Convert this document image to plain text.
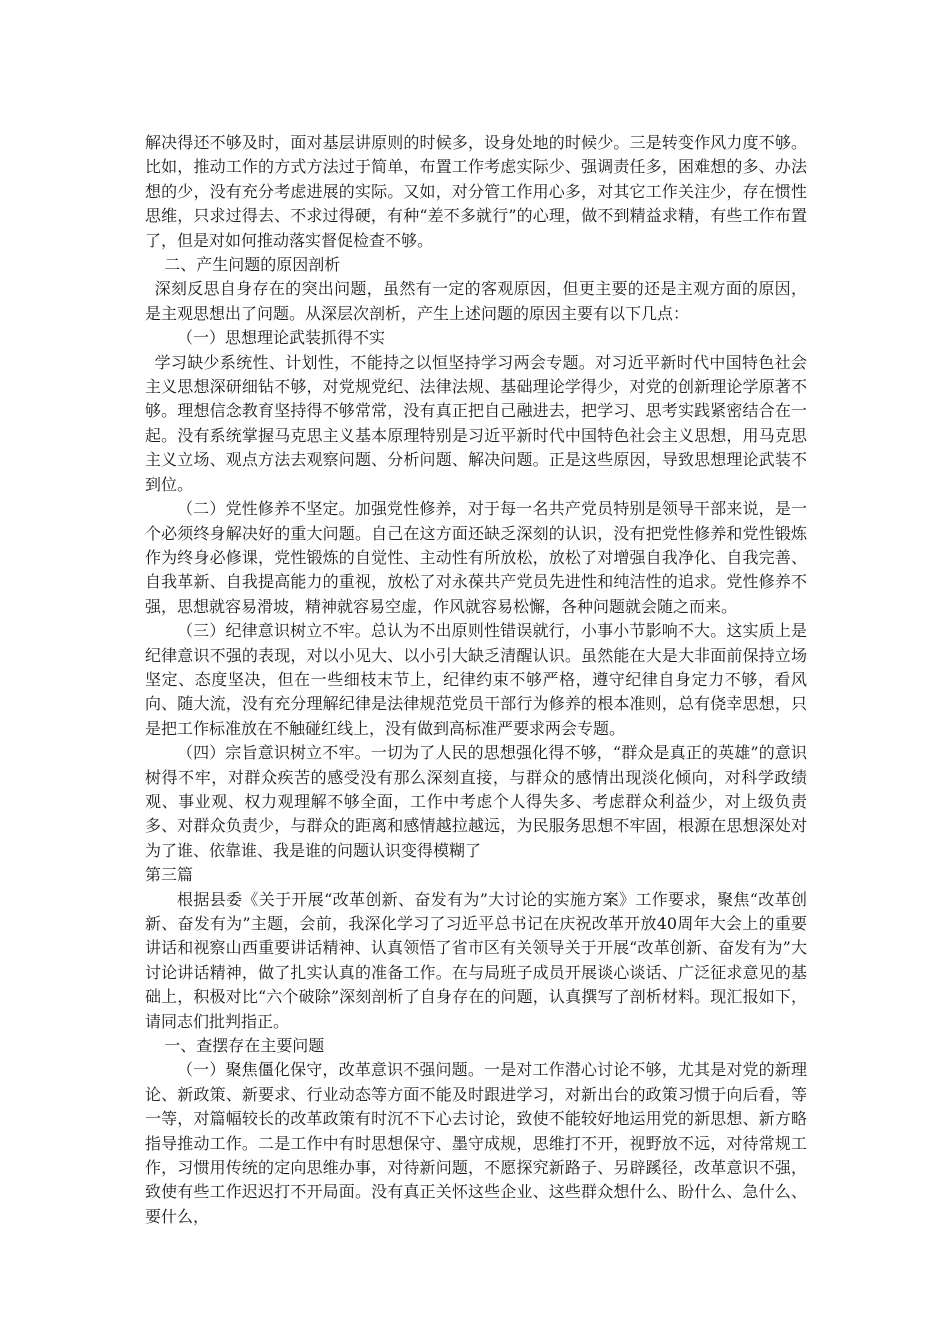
解决得还不够及时，面对基层讲原则的时候多，设身处地的时候少。三是转变作风力度不够。比如，推动工作的方式方法过于简单，布置工作考虑实际少、强调责任多，困难想的多、办法想的少，没有充分考虑进展的实际。又如，对分管工作用心多，对其它工作关注少，存在惯性思维，只求过得去、不求过得硬，有种“差不多就行”的心理，做不到精益求精，有些工作布置了，但是对如何推动落实督促检查不够。

二、产生问题的原因剖析

深刻反思自身存在的突出问题，虽然有一定的客观原因，但更主要的还是主观方面的原因，是主观思想出了问题。从深层次剖析，产生上述问题的原因主要有以下几点：

（一）思想理论武装抓得不实

学习缺少系统性、计划性，不能持之以恒坚持学习两会专题。对习近平新时代中国特色社会主义思想深研细钻不够，对党规党纪、法律法规、基础理论学得少，对党的创新理论学原著不够。理想信念教育坚持得不够常常，没有真正把自己融进去，把学习、思考实践紧密结合在一起。没有系统掌握马克思主义基本原理特别是习近平新时代中国特色社会主义思想，用马克思主义立场、观点方法去观察问题、分析问题、解决问题。正是这些原因，导致思想理论武装不到位。

（二）党性修养不坚定。加强党性修养，对于每一名共产党员特别是领导干部来说，是一个必须终身解决好的重大问题。自己在这方面还缺乏深刻的认识，没有把党性修养和党性锻炼作为终身必修课，党性锻炼的自觉性、主动性有所放松，放松了对增强自我净化、自我完善、自我革新、自我提高能力的重视，放松了对永葆共产党员先进性和纯洁性的追求。党性修养不强，思想就容易滑坡，精神就容易空虚，作风就容易松懈，各种问题就会随之而来。

（三）纪律意识树立不牢。总认为不出原则性错误就行，小事小节影响不大。这实质上是纪律意识不强的表现，对以小见大、以小引大缺乏清醒认识。虽然能在大是大非面前保持立场坚定、态度坚决，但在一些细枝末节上，纪律约束不够严格，遵守纪律自身定力不够，看风向、随大流，没有充分理解纪律是法律规范党员干部行为修养的根本准则，总有侥幸思想，只是把工作标准放在不触碰红线上，没有做到高标准严要求两会专题。

（四）宗旨意识树立不牢。一切为了人民的思想强化得不够，“群众是真正的英雄”的意识树得不牢，对群众疾苦的感受没有那么深刻直接，与群众的感情出现淡化倾向，对科学政绩观、事业观、权力观理解不够全面，工作中考虑个人得失多、考虑群众利益少，对上级负责多、对群众负责少，与群众的距离和感情越拉越远，为民服务思想不牢固，根源在思想深处对为了谁、依靠谁、我是谁的问题认识变得模糊了

第三篇

根据县委《关于开展“改革创新、奋发有为”大讨论的实施方案》工作要求，聚焦“改革创新、奋发有为”主题，会前，我深化学习了习近平总书记在庆祝改革开放40周年大会上的重要讲话和视察山西重要讲话精神、认真领悟了省市区有关领导关于开展“改革创新、奋发有为”大讨论讲话精神，做了扎实认真的准备工作。在与局班子成员开展谈心谈话、广泛征求意见的基础上，积极对比“六个破除”深刻剖析了自身存在的问题，认真撰写了剖析材料。现汇报如下，请同志们批判指正。

一、查摆存在主要问题

（一）聚焦僵化保守，改革意识不强问题。一是对工作潜心讨论不够，尤其是对党的新理论、新政策、新要求、行业动态等方面不能及时跟进学习，对新出台的政策习惯于向后看，等一等，对篇幅较长的改革政策有时沉不下心去讨论，致使不能较好地运用党的新思想、新方略指导推动工作。二是工作中有时思想保守、墨守成规，思维打不开，视野放不远，对待常规工作，习惯用传统的定向思维办事，对待新问题，不愿探究新路子、另辟蹊径，改革意识不强，致使有些工作迟迟打不开局面。没有真正关怀这些企业、这些群众想什么、盼什么、急什么、要什么，
